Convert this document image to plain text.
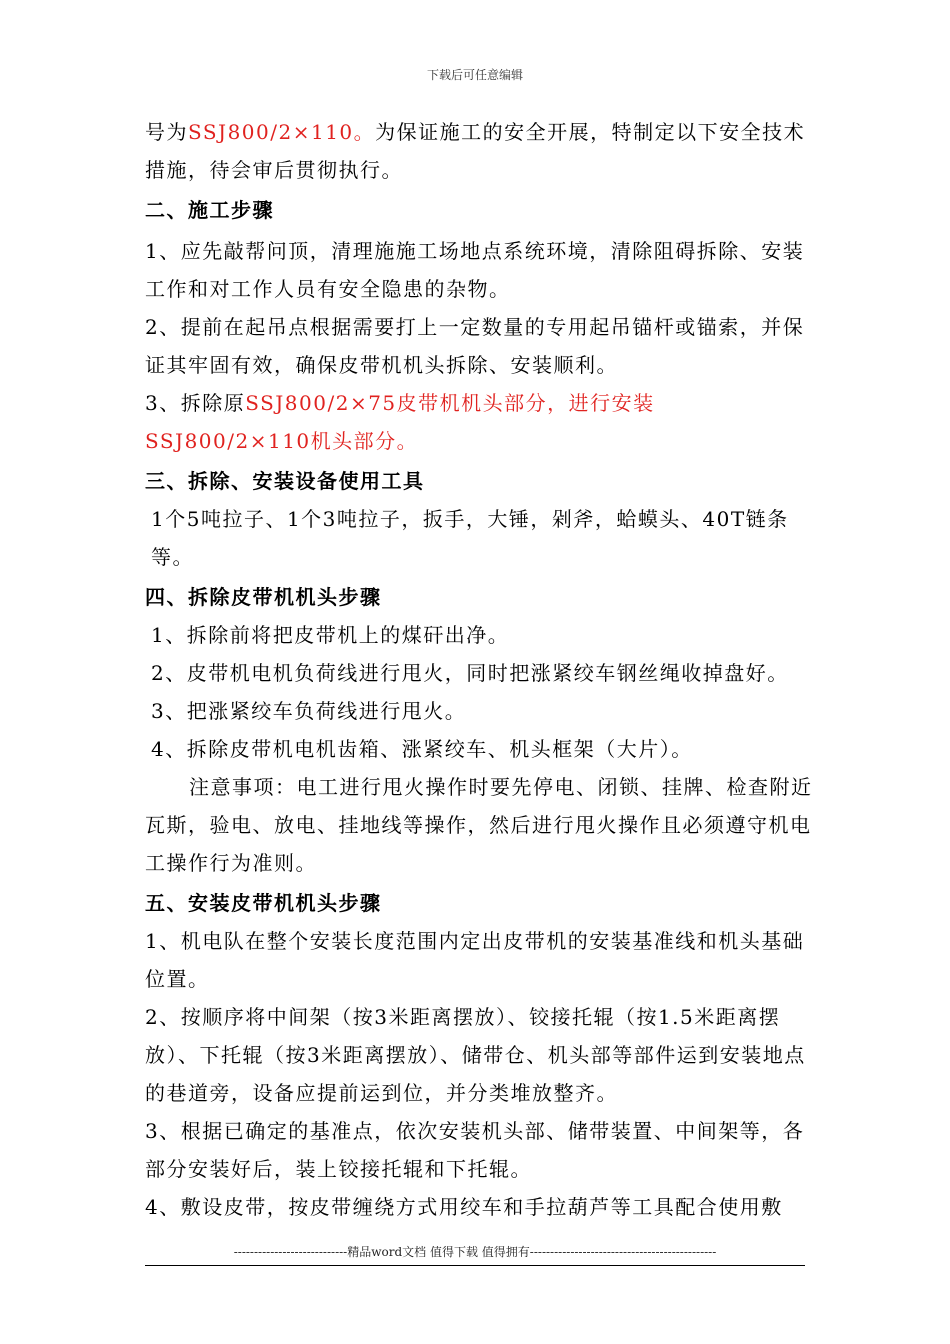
下载后可任意编辑

号为SSJ800/2×110。为保证施工的安全开展，特制定以下安全技术措施，待会审后贯彻执行。

二、施工步骤

1、应先敲帮问顶，清理施施工场地点系统环境，清除阻碍拆除、安装工作和对工作人员有安全隐患的杂物。

2、提前在起吊点根据需要打上一定数量的专用起吊锚杆或锚索，并保证其牢固有效，确保皮带机机头拆除、安装顺利。

3、拆除原SSJ800/2×75皮带机机头部分，进行安装SSJ800/2×110机头部分。

三、拆除、安装设备使用工具

1个5吨拉子、1个3吨拉子，扳手，大锤，剁斧，蛤蟆头、40T链条等。

四、拆除皮带机机头步骤

1、拆除前将把皮带机上的煤矸出净。

2、皮带机电机负荷线进行甩火，同时把涨紧绞车钢丝绳收掉盘好。

3、把涨紧绞车负荷线进行甩火。

4、拆除皮带机电机齿箱、涨紧绞车、机头框架（大片）。

注意事项：电工进行甩火操作时要先停电、闭锁、挂牌、检查附近瓦斯，验电、放电、挂地线等操作，然后进行甩火操作且必须遵守机电工操作行为准则。

五、安装皮带机机头步骤

1、机电队在整个安装长度范围内定出皮带机的安装基准线和机头基础位置。

2、按顺序将中间架（按3米距离摆放）、铰接托辊（按1.5米距离摆放）、下托辊（按3米距离摆放）、储带仓、机头部等部件运到安装地点的巷道旁，设备应提前运到位，并分类堆放整齐。

3、根据已确定的基准点，依次安装机头部、储带装置、中间架等，各部分安装好后，装上铰接托辊和下托辊。

4、敷设皮带，按皮带缠绕方式用绞车和手拉葫芦等工具配合使用敷

----------------------------精品word文档 值得下载 值得拥有----------------------------------------------
